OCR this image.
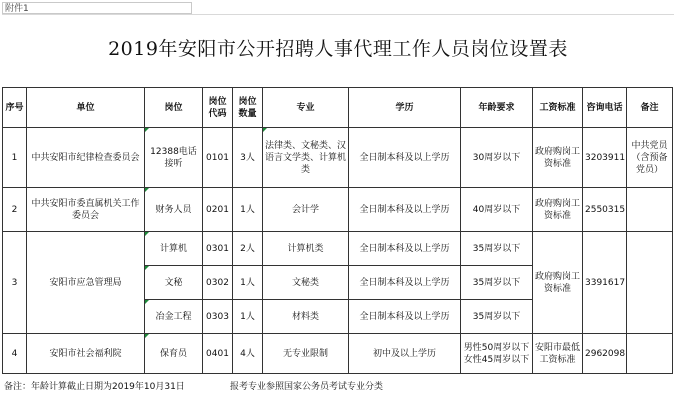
附件1
2019年安阳市公开招聘人事代理工作人员岗位设置表
序号	单位	岗位	岗位代码	岗位数量	专业	学历	年龄要求	工资标准	咨询电话	备注
1	中共安阳市纪律检查委员会	12388电话接听	0101	3人	法律类、文秘类、汉语言文学类、计算机类	全日制本科及以上学历	30周岁以下	政府购岗工资标准	3203911	中共党员（含预备党员）
2	中共安阳市委直属机关工作委员会	财务人员	0201	1人	会计学	全日制本科及以上学历	40周岁以下	政府购岗工资标准	2550315	
3	安阳市应急管理局	计算机	0301	2人	计算机类	全日制本科及以上学历	35周岁以下	政府购岗工资标准	3391617	
		文秘	0302	1人	文秘类	全日制本科及以上学历	35周岁以下			
		冶金工程	0303	1人	材料类	全日制本科及以上学历	35周岁以下			
4	安阳市社会福利院	保育员	0401	4人	无专业限制	初中及以上学历	男性50周岁以下女性45周岁以下	安阳市最低工资标准	2962098	
备注：年龄计算截止日期为2019年10月31日	报考专业参照国家公务员考试专业分类
